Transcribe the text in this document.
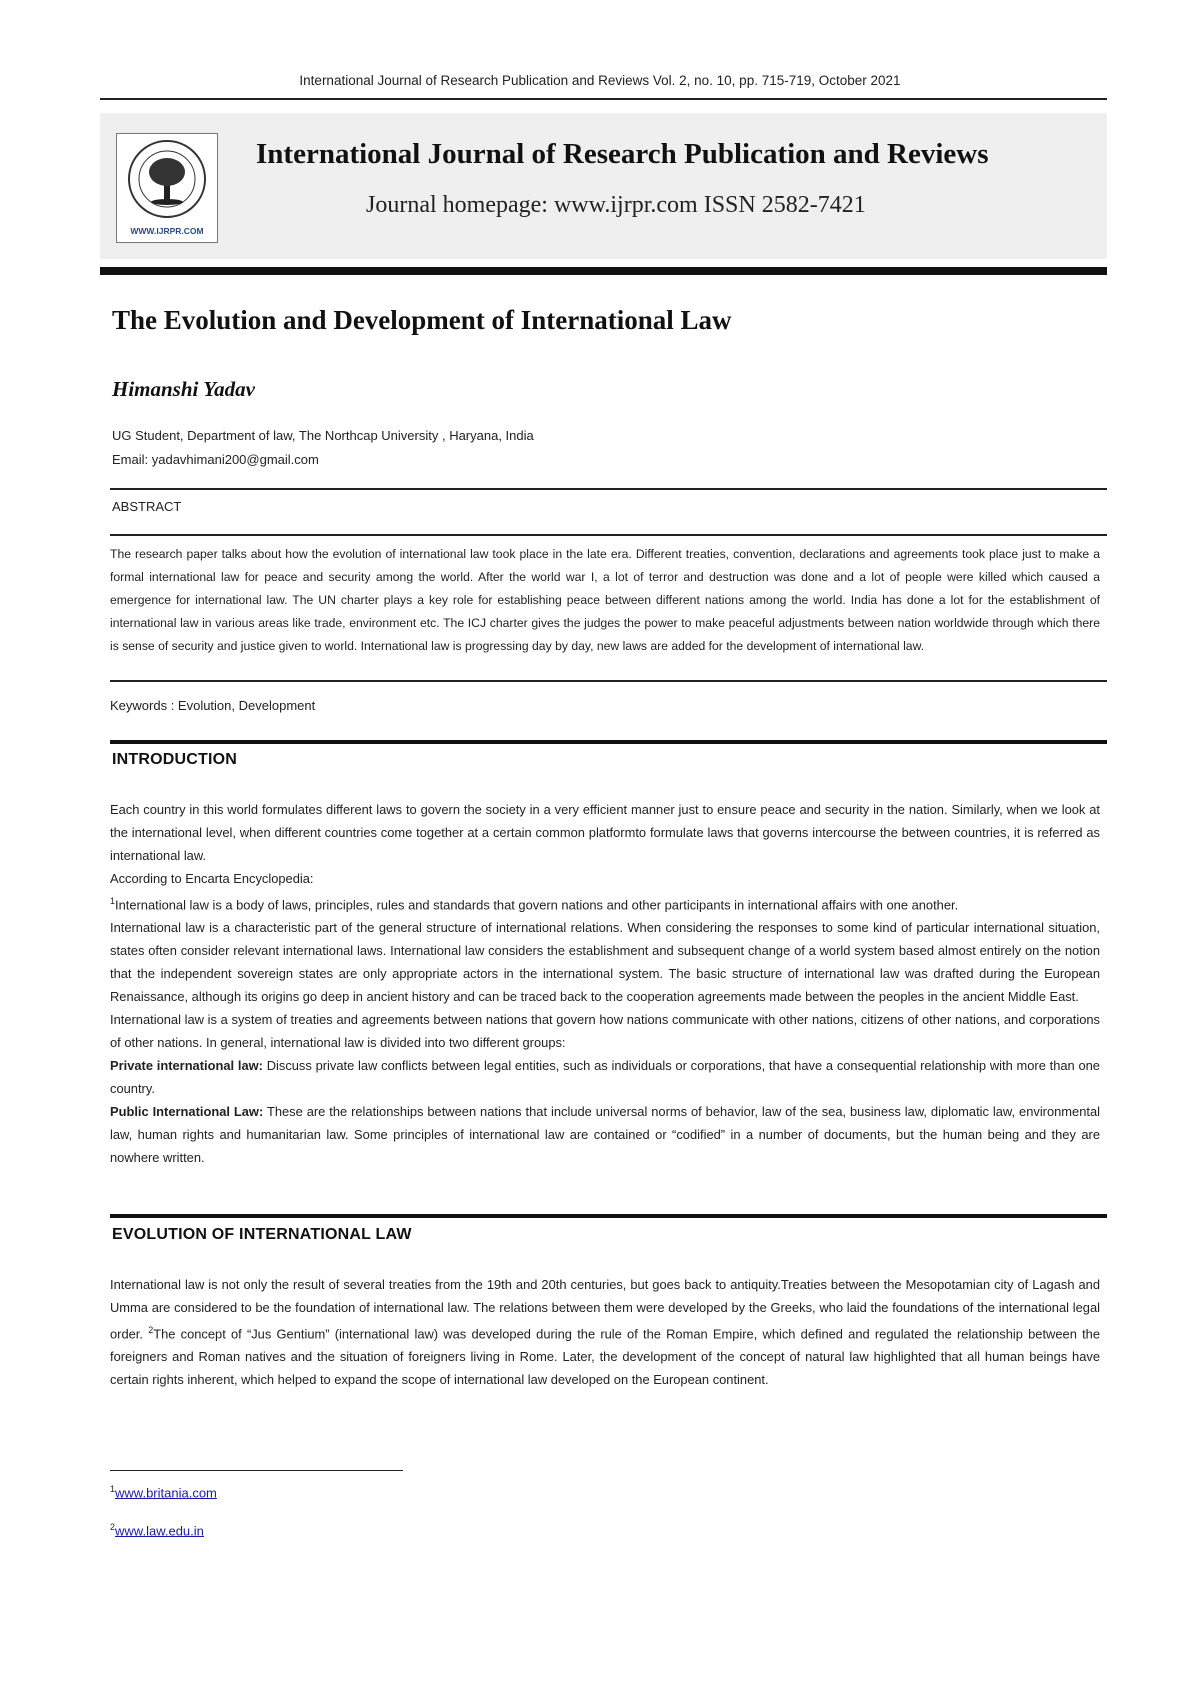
International Journal of Research Publication and Reviews Vol. 2, no. 10, pp. 715-719, October 2021
WWW.IJRPR.COM
International Journal of Research Publication and Reviews
Journal homepage: www.ijrpr.com ISSN 2582-7421
The Evolution and Development of International Law
Himanshi Yadav
UG Student, Department of law, The Northcap University , Haryana, India
Email: yadavhimani200@gmail.com
ABSTRACT
The research paper talks about how the evolution of international law took place in the late era. Different treaties, convention, declarations and agreements took place just to make a formal international law for peace and security among the world. After the world war I, a lot of terror and destruction was done and a lot of people were killed which caused a emergence for international law. The UN charter plays a key role for establishing peace between different nations among the world. India has done a lot for the establishment of international law in various areas like trade, environment etc. The ICJ charter gives the judges the power to make peaceful adjustments between nation worldwide through which there is sense of security and justice given to world. International law is progressing day by day, new laws are added for the development of international law.
Keywords : Evolution, Development
INTRODUCTION

Each country in this world formulates different laws to govern the society in a very efficient manner just to ensure peace and security in the nation. Similarly, when we look at the international level, when different countries come together at a certain common platformto formulate laws that governs intercourse the between countries, it is referred as international law.

According to Encarta Encyclopedia:

$^1$International law is a body of laws, principles, rules and standards that govern nations and other participants in international affairs with one another.

International law is a characteristic part of the general structure of international relations. When considering the responses to some kind of particular international situation, states often consider relevant international laws. International law considers the establishment and subsequent change of a world system based almost entirely on the notion that the independent sovereign states are only appropriate actors in the international system. The basic structure of international law was drafted during the European Renaissance, although its origins go deep in ancient history and can be traced back to the cooperation agreements made between the peoples in the ancient Middle East.

International law is a system of treaties and agreements between nations that govern how nations communicate with other nations, citizens of other nations, and corporations of other nations. In general, international law is divided into two different groups:

Private international law: Discuss private law conflicts between legal entities, such as individuals or corporations, that have a consequential relationship with more than one country.

Public International Law: These are the relationships between nations that include universal norms of behavior, law of the sea, business law, diplomatic law, environmental law, human rights and humanitarian law. Some principles of international law are contained or “codified” in a number of documents, but the human being and they are nowhere written.

EVOLUTION OF INTERNATIONAL LAW

International law is not only the result of several treaties from the 19th and 20th centuries, but goes back to antiquity.Treaties between the Mesopotamian city of Lagash and Umma are considered to be the foundation of international law. The relations between them were developed by the Greeks, who laid the foundations of the international legal order. $^2$The concept of “Jus Gentium” (international law) was developed during the rule of the Roman Empire, which defined and regulated the relationship between the foreigners and Roman natives and the situation of foreigners living in Rome. Later, the development of the concept of natural law highlighted that all human beings have certain rights inherent, which helped to expand the scope of international law developed on the European continent.

$^1$www.britania.com
$^2$www.law.edu.in
